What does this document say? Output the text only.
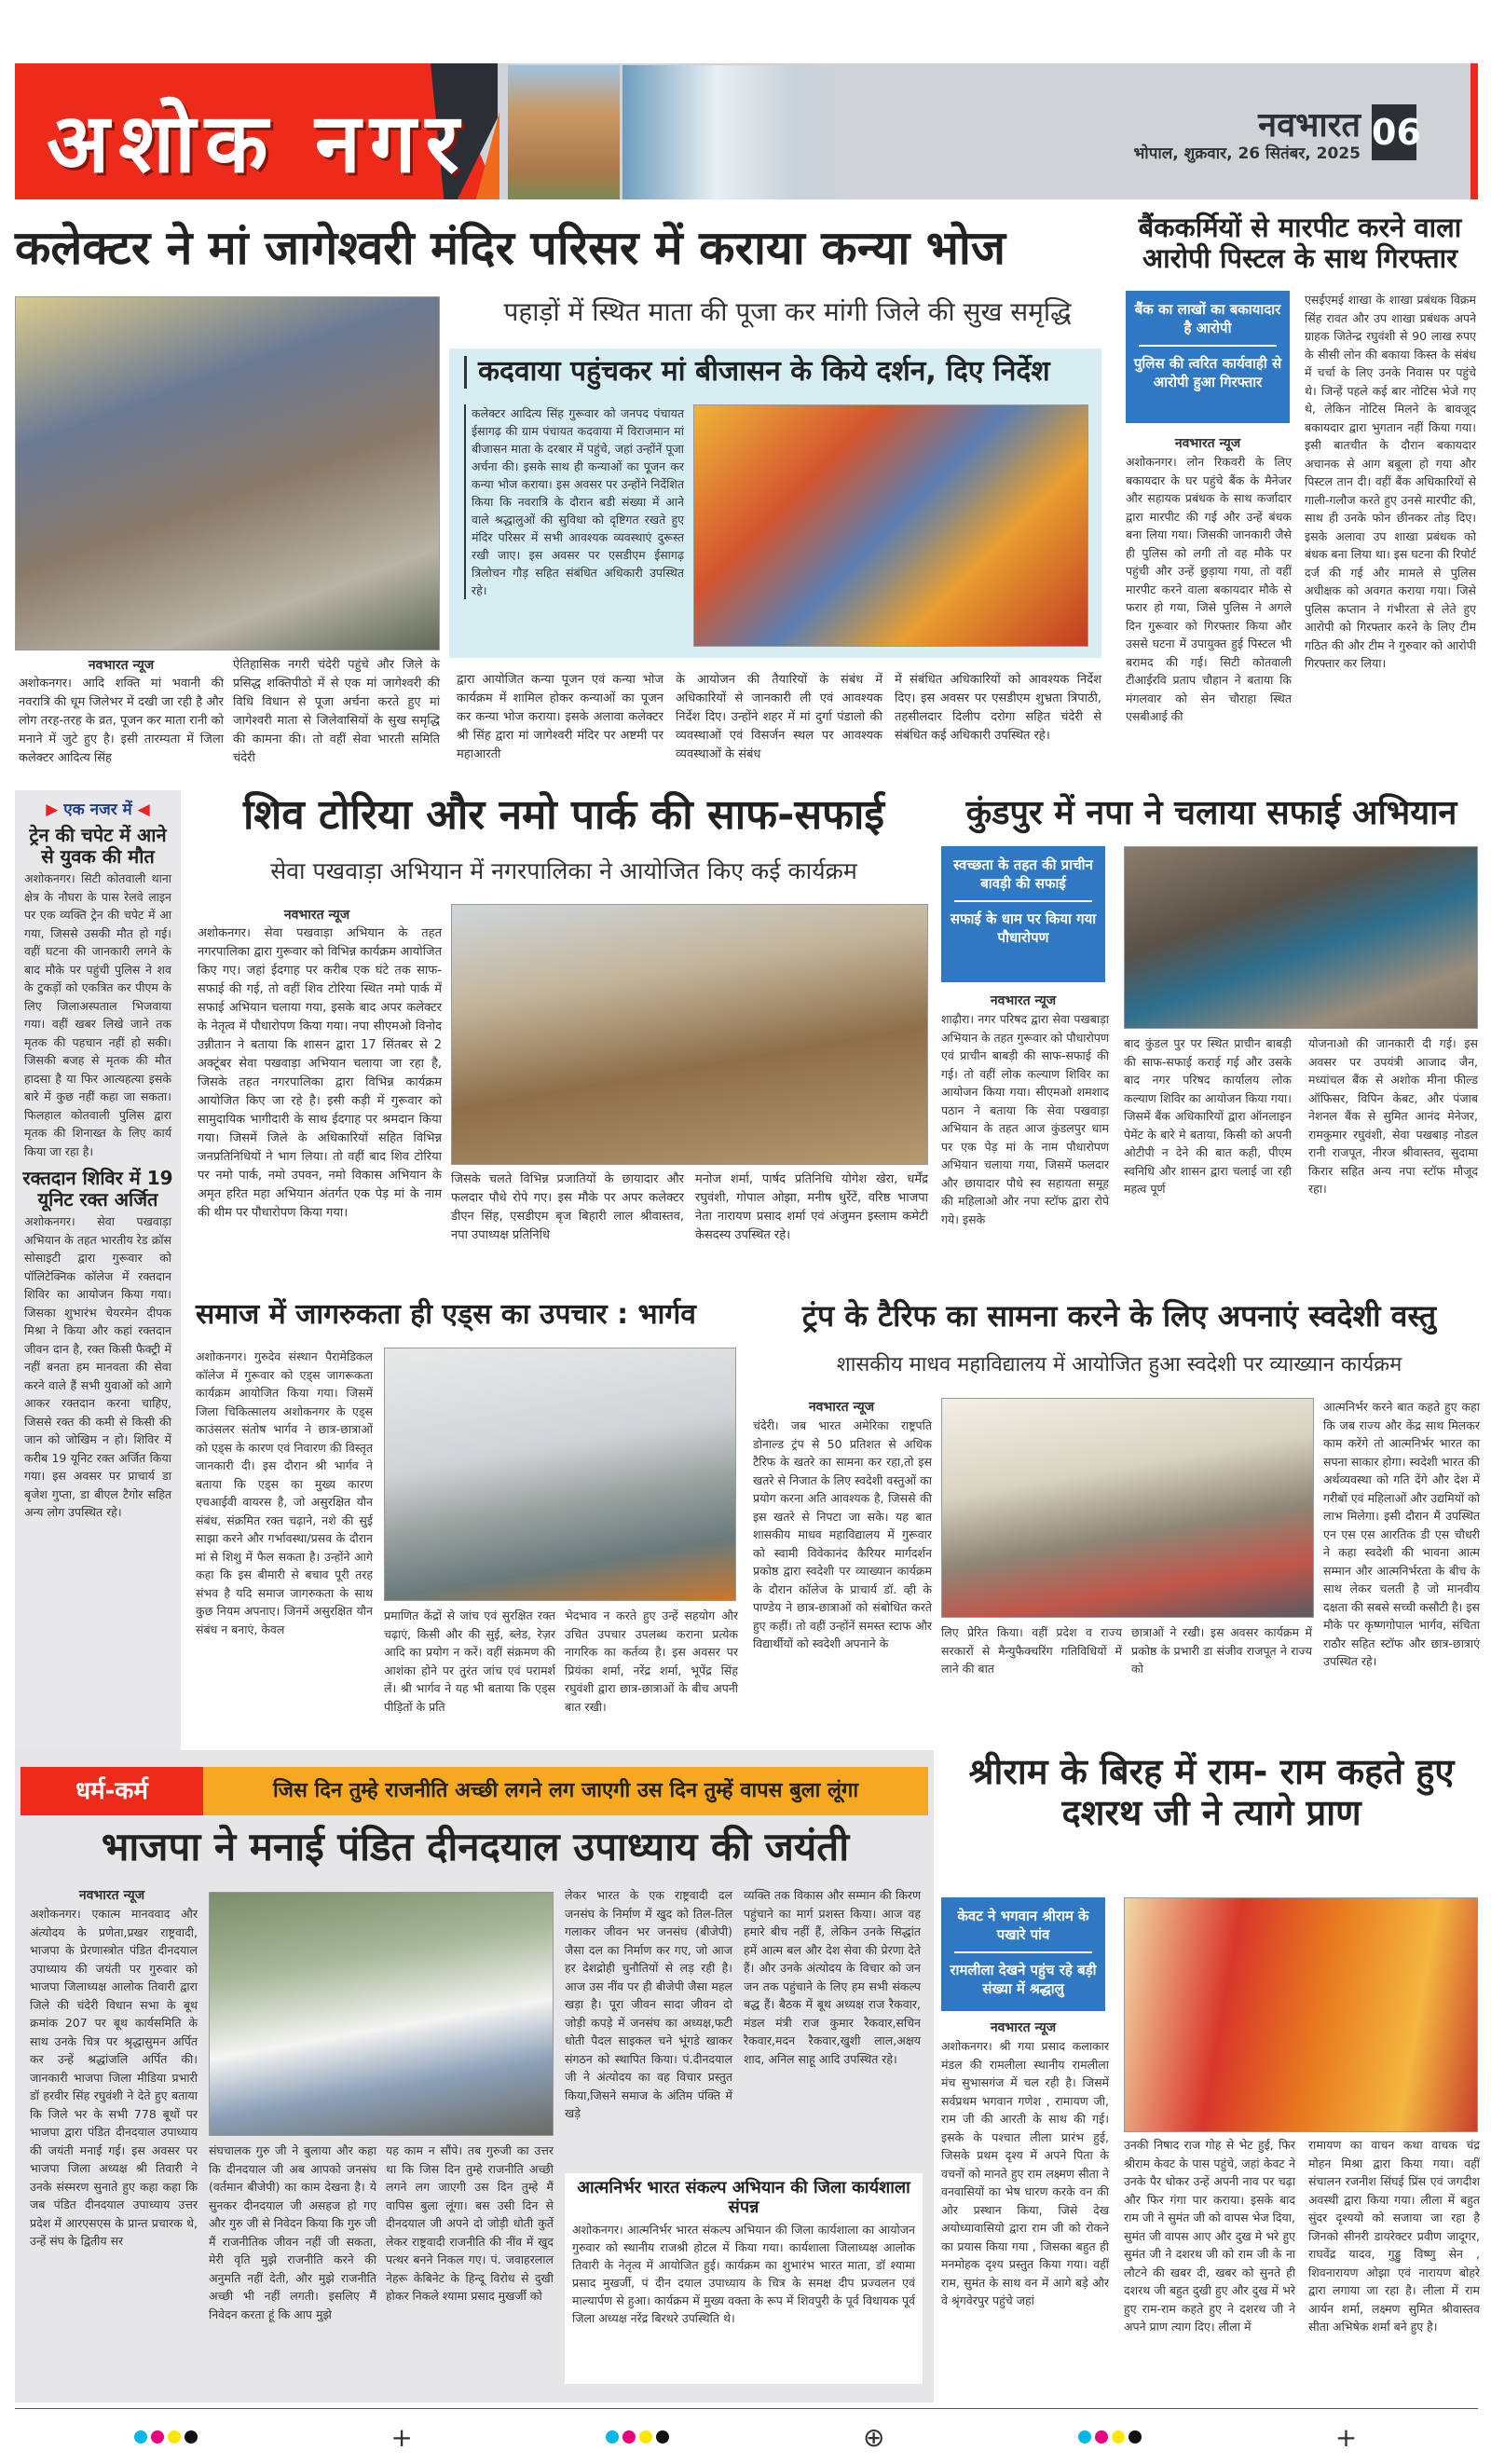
अशोक नगर	नवभारत
भोपाल, शुक्रवार, 26 सितंबर, 2025
06
कलेक्टर ने मां जागेश्वरी मंदिर परिसर में कराया कन्या भोज
पहाड़ों में स्थित माता की पूजा कर मांगी जिले की सुख समृद्धि
कदवाया पहुंचकर मां बीजासन के किये दर्शन, दिए निर्देश
कलेक्टर आदित्य सिंह गुरूवार को जनपद पंचायत ईसागढ़ की ग्राम पंचायत कदवाया में विराजमान मां बीजासन माता के दरबार में पहुंचे, जहां उन्होंनें पूजा अर्चना की। इसके साथ ही कन्याओं का पूजन कर कन्या भोज कराया। इस अवसर पर उन्होंने निर्देशित किया कि नवरात्रि के दौरान बडी संख्या में आने वाले श्रद्धालुओं की सुविधा को दृष्टिगत रखते हुए मंदिर परिसर में सभी आवश्यक व्यवस्थाएं दुरूस्त रखी जाए। इस अवसर पर एसडीएम ईसागढ़ त्रिलोचन गौड़ सहित संबंधित अधिकारी उपस्थित रहे।
नवभारत न्यूज
अशोकनगर। आदि शक्ति मां भवानी की नवरात्रि की धूम जिलेभर में दखी जा रही है और लोग तरह-तरह के व्रत, पूजन कर माता रानी को मनाने में जुटे हुए है। इसी तारम्यता में जिला कलेक्टर आदित्य सिंह
ऐतिहासिक नगरी चंदेरी पहुंचे और जिले के प्रसिद्ध शक्तिपीठो में से एक मां जागेश्वरी की विधि विधान से पूजा अर्चना करते हुए मां जागेश्वरी माता से जिलेवासियों के सुख समृद्धि की कामना की। तो वहीं सेवा भारती समिति चंदेरी
द्वारा आयोजित कन्या पूजन एवं कन्या भोज कार्यक्रम में शामिल होकर कन्याओं का पूजन कर कन्या भोज कराया। इसके अलावा कलेक्टर श्री सिंह द्वारा मां जागेश्वरी मंदिर पर अष्टमी पर महाआरती
के आयोजन की तैयारियों के संबंध में अधिकारियों से जानकारी ली एवं आवश्यक निर्देश दिए। उन्होंने शहर में मां दुर्गा पंडालो की व्यवस्थाओं एवं विसर्जन स्थल पर आवश्यक व्यवस्थाओं के संबंध
में संबंधित अधिकारियों को आवश्यक निर्देश दिए। इस अवसर पर एसडीएम शुभ्रता त्रिपाठी, तहसीलदार दिलीप दरोगा सहित चंदेरी से संबंधित कई अधिकारी उपस्थित रहे।
बैंककर्मियों से मारपीट करने वाला आरोपी पिस्टल के साथ गिरफ्तार
बैंक का लाखों का बकायादार है आरोपी
पुलिस की त्वरित कार्यवाही से आरोपी हुआ गिरफ्तार
नवभारत न्यूज
अशोकनगर। लोन रिकवरी के लिए बकायदार के घर पहुंचे बैंक के मैनेजर और सहायक प्रबंधक के साथ कर्जादार द्वारा मारपीट की गई और उन्हें बंधक बना लिया गया। जिसकी जानकारी जैसे ही पुलिस को लगी तो वह मौके पर पहुंची और उन्हें छुड़ाया गया, तो वहीं मारपीट करने वाला बकायदार मौके से फरार हो गया, जिसे पुलिस ने अगले दिन गुरूवार को गिरफ्तार किया और उससे घटना में उपायुक्त हुई पिस्टल भी बरामद की गई। सिटी कोतवाली टीआईरवि प्रताप चौहान ने बताया कि मंगलवार को सेन चौराहा स्थित एसबीआई की
एसईएमई शाखा के शाखा प्रबंधक विक्रम सिंह रावत और उप शाखा प्रबंधक अपने ग्राहक जितेन्द्र रघुवंशी से 90 लाख रुपए के सीसी लोन की बकाया किस्त के संबंध में चर्चा के लिए उनके निवास पर पहुंचे थे। जिन्हें पहले कई बार नोटिस भेजे गए थे, लेकिन नोटिस मिलने के बावजूद बकायदार द्वारा भुगतान नहीं किया गया। इसी बातचीत के दौरान बकायदार अचानक से आग बबूला हो गया और पिस्टल तान दी। वहीं बैंक अधिकारियों से गाली-गलौज करते हुए उनसे मारपीट की, साथ ही उनके फोन छीनकर तोड़ दिए। इसके अलावा उप शाखा प्रबंधक को बंधक बना लिया था। इस घटना की रिपोर्ट दर्ज की गई और मामले से पुलिस अधीक्षक को अवगत कराया गया। जिसे पुलिस कप्तान ने गंभीरता से लेते हुए आरोपी को गिरफ्तार करने के लिए टीम गठित की और टीम ने गुरुवार को आरोपी गिरफ्तार कर लिया।
▶ एक नजर में ◀
ट्रेन की चपेट में आने से युवक की मौत
अशोकनगर। सिटी कोतवाली थाना क्षेत्र के नौघरा के पास रेलवे लाइन पर एक व्यक्ति ट्रेन की चपेट में आ गया, जिससे उसकी मौत हो गई। वहीं घटना की जानकारी लगने के बाद मौके पर पहुंची पुलिस ने शव के टुकड़ों को एकत्रित कर पीएम के लिए जिलाअस्पताल भिजवाया गया। वहीं खबर लिखे जाने तक मृतक की पहचान नहीं हो सकी। जिसकी बजह से मृतक की मौत हादसा है या फिर आत्यहत्या इसके बारे में कुछ नहीं कहा जा सकता। फिलहाल कोतवाली पुलिस द्वारा मृतक की शिनाख्त के लिए कार्य किया जा रहा है।
रक्तदान शिविर में 19 यूनिट रक्त अर्जित
अशोकनगर। सेवा पखवाड़ा अभियान के तहत भारतीय रेड क्रॉस सोसाइटी द्वारा गुरूवार को पॉलिटेक्निक कॉलेज में रक्तदान शिविर का आयोजन किया गया। जिसका शुभारंभ चेयरमेन दीपक मिश्रा ने किया और कहां रक्तदान जीवन दान है, रक्त किसी फैक्ट्री में नहीं बनता हम मानवता की सेवा करने वाले हैं सभी युवाओं को आगे आकर रक्तदान करना चाहिए, जिससे रक्त की कमी से किसी की जान को जोखिम न हो। शिविर में करीब 19 यूनिट रक्त अर्जित किया गया। इस अवसर पर प्राचार्य डा बृजेश गुप्ता, डा बीएल टैगोर सहित अन्य लोग उपस्थित रहे।
शिव टोरिया और नमो पार्क की साफ-सफाई
सेवा पखवाड़ा अभियान में नगरपालिका ने आयोजित किए कई कार्यक्रम
नवभारत न्यूज
अशोकनगर। सेवा पखवाड़ा अभियान के तहत नगरपालिका द्वारा गुरूवार को विभिन्न कार्यक्रम आयोजित किए गए। जहां ईदगाह पर करीब एक घंटे तक साफ-सफाई की गई, तो वहीं शिव टोरिया स्थित नमो पार्क में सफाई अभियान चलाया गया, इसके बाद अपर कलेक्टर के नेतृत्व में पौधारोपण किया गया। नपा सीएमओ विनोद उन्नीतान ने बताया कि शासन द्वारा 17 सिंतबर से 2 अक्टूंबर सेवा पखवाड़ा अभियान चलाया जा रहा है, जिसके तहत नगरपालिका द्वारा विभिन्न कार्यक्रम आयोजित किए जा रहे है। इसी कड़ी में गुरूवार को सामुदायिक भागीदारी के साथ ईदगाह पर श्रमदान किया गया। जिसमें जिले के अधिकारियों सहित विभिन्न जनप्रतिनिधियों ने भाग लिया। तो वहीं बाद शिव टोरिया पर नमो पार्क, नमो उपवन, नमो विकास अभियान के अमृत हरित महा अभियान अंतर्गत एक पेड़ मां के नाम की थीम पर पौधारोपण किया गया।
जिसके चलते विभिन्न प्रजातियों के छायादार और फलदार पौधे रोपे गए। इस मौके पर अपर कलेक्टर डीएन सिंह, एसडीएम बृज बिहारी लाल श्रीवास्तव, नपा उपाध्यक्ष प्रतिनिधि
मनोज शर्मा, पार्षद प्रतिनिधि योगेश खेरा, धर्मेंद्र रघुवंशी, गोपाल ओझा, मनीष धुर्रेटें, वरिष्ठ भाजपा नेता नारायण प्रसाद शर्मा एवं अंजुमन इस्लाम कमेटी केसदस्य उपस्थित रहे।
कुंडपुर में नपा ने चलाया सफाई अभियान
स्वच्छता के तहत की प्राचीन बावड़ी की सफाई
सफाई के धाम पर किया गया पौधारोपण
नवभारत न्यूज
शाढ़ौरा। नगर परिषद द्वारा सेवा पखबाड़ा अभियान के तहत गुरूवार को पौधारोपण एवं प्राचीन बाबड़ी की साफ-सफाई की गई। तो वहीं लोक कल्याण शिविर का आयोजन किया गया। सीएमओ शमशाद पठान ने बताया कि सेवा पखवाड़ा अभियान के तहत आज कुंडलपुर धाम पर एक पेड़ मां के नाम पौधारोपण अभियान चलाया गया, जिसमें फलदार और छायादार पौधे स्व सहायता समूह की महिलाओ और नपा स्टॉफ द्वारा रोपे गये। इसके
बाद कुंडल पुर पर स्थित प्राचीन बाबड़ी की साफ-सफाई कराई गई और उसके बाद नगर परिषद कार्यालय लोक कल्याण शिविर का आयोजन किया गया। जिसमें बैंक अधिकारियों द्वारा ऑनलाइन पेमेंट के बारे मे बताया, किसी को अपनी ओटीपी न देने की बात कही, पीएम स्वनिधि और शासन द्वारा चलाई जा रही महत्व पूर्ण
योजनाओ की जानकारी दी गई। इस अवसर पर उपयंत्री आजाद जैन, मध्यांचल बैंक से अशोक मीना फील्ड ऑफिसर, विपिन केबट, और पंजाब नेशनल बैंक से सुमित आनंद मेनेजर, रामकुमार रघुवंशी, सेवा पखबाड़ नोडल रानी राजपूत, नीरज श्रीवास्तव, सुदामा किरार सहित अन्य नपा स्टॉफ मौजूद रहा।
समाज में जागरुकता ही एड्स का उपचार : भार्गव
अशोकनगर। गुरुदेव संस्थान पैरामेडिकल कॉलेज में गुरूवार को एड्स जागरूकता कार्यक्रम आयोजित किया गया। जिसमें जिला चिकित्सालय अशोकनगर के एड्स काउंसलर संतोष भार्गव ने छात्र-छात्राओं को एड्स के कारण एवं निवारण की विस्तृत जानकारी दी। इस दौरान श्री भार्गव ने बताया कि एड्स का मुख्य कारण एचआईवी वायरस है, जो असुरक्षित यौन संबंध, संक्रमित रक्त चढ़ाने, नशे की सुई साझा करने और गर्भावस्था/प्रसव के दौरान मां से शिशु में फैल सकता है। उन्होंने आगे कहा कि इस बीमारी से बचाव पूरी तरह संभव है यदि समाज जागरुकता के साथ कुछ नियम अपनाए। जिनमें असुरक्षित यौन संबंध न बनाएं, केवल
प्रमाणित केंद्रों से जांच एवं सुरक्षित रक्त चढ़ाएं, किसी और की सुई, ब्लेड, रेज़र आदि का प्रयोग न करें। वहीं संक्रमण की आशंका होने पर तुरंत जांच एवं परामर्श लें। श्री भार्गव ने यह भी बताया कि एड्स पीड़ितों के प्रति
भेदभाव न करते हुए उन्हें सहयोग और उचित उपचार उपलब्ध कराना प्रत्येक नागरिक का कर्तव्य है। इस अवसर पर प्रियंका शर्मा, नरेंद्र शर्मा, भूपेंद्र सिंह रघुवंशी द्वारा छात्र-छात्राओं के बीच अपनी बात रखी।
ट्रंप के टैरिफ का सामना करने के लिए अपनाएं स्वदेशी वस्तु
शासकीय माधव महाविद्यालय में आयोजित हुआ स्वदेशी पर व्याख्यान कार्यक्रम
नवभारत न्यूज
चंदेरी। जब भारत अमेरिका राष्ट्रपति डोनाल्ड ट्रंप से 50 प्रतिशत से अधिक टैरिफ के खतरे का सामना कर रहा,तो इस खतरे से निजात के लिए स्वदेशी वस्तुओं का प्रयोग करना अति आवश्यक है, जिससे की इस खतरे से निपटा जा सके। यह बात शासकीय माधव महाविद्यालय में गुरूवार को स्वामी विवेकानंद कैरियर मार्गदर्शन प्रकोष्ठ द्वारा स्वदेशी पर व्याख्यान कार्यक्रम के दौरान कॉलेज के प्राचार्य डॉ. व्ही के पाण्डेय ने छात्र-छात्राओं को संबोधित करते हुए कहीं। तो वहीं उन्होंनें समस्त स्टाफ और विद्यार्थीयों को स्वदेशी अपनाने के
लिए प्रेरित किया। वहीं प्रदेश व राज्य सरकारों से मैन्युफैक्चरिंग गतिविधियों में लाने की बात
छात्राओं ने रखी। इस अवसर कार्यक्रम में प्रकोष्ठ के प्रभारी डा संजीव राजपूत ने राज्य को
आत्मनिर्भर करने बात कहते हुए कहा कि जब राज्य और केंद्र साथ मिलकर काम करेंगे तो आत्मनिर्भर भारत का सपना साकार होगा। स्वदेशी भारत की अर्थव्यवस्था को गति देंगे और देश में गरीबों एवं महिलाओं और उद्यमियों को लाभ मिलेगा। इसी दौरान मैं उपस्थित एन एस एस आरतिक डी एस चौधरी ने कहा स्वदेशी की भावना आत्म सम्मान और आत्मनिर्भरता के बीच के साथ लेकर चलती है जो मानवीय दक्षता की सबसे सच्ची कसौटी है। इस मौके पर कृष्णगोपाल भार्गव, संचिता राठौर सहित स्टॉफ और छात्र-छात्राएं उपस्थित रहे।
धर्म-कर्म	जिस दिन तुम्हे राजनीति अच्छी लगने लग जाएगी उस दिन तुम्हें वापस बुला लूंगा
भाजपा ने मनाई पंडित दीनदयाल उपाध्याय की जयंती
नवभारत न्यूज
अशोकनगर। एकात्म मानववाद और अंत्योदय के प्रणेता,प्रखर राष्ट्रवादी, भाजपा के प्रेरणास्त्रोत पंडित दीनदयाल उपाध्याय की जयंती पर गुरुवार को भाजपा जिलाध्यक्ष आलोक तिवारी द्वारा जिले की चंदेरी विधान सभा के बूथ क्रमांक 207 पर बूथ कार्यसमिति के साथ उनके चित्र पर श्रृद्धासुमन अर्पित कर उन्हें श्रद्धांजलि अर्पित की। जानकारी भाजपा जिला मीडिया प्रभारी डॉ हरवीर सिंह रघुवंशी ने देते हुए बताया कि जिले भर के सभी 778 बूथों पर भाजपा द्वारा पंडित दीनदयाल उपाध्याय की जयंती मनाई गई। इस अवसर पर भाजपा जिला अध्यक्ष श्री तिवारी ने उनके संस्मरण सुनाते हुए कहा कहा कि जब पंडित दीनदयाल उपाध्याय उत्तर प्रदेश में आरएसएस के प्रान्त प्रचारक थे, उन्हें संघ के द्वितीय सर
संघचालक गुरु जी ने बुलाया और कहा कि दीनदयाल जी अब आपको जनसंघ (वर्तमान बीजेपी) का काम देखना है। ये सुनकर दीनदयाल जी असहज हो गए और गुरु जी से निवेदन किया कि गुरु जी मैं राजनीतिक जीवन नहीं जी सकता, मेरी वृति मुझे राजनीति करने की अनुमति नहीं देती, और मुझे राजनीति अच्छी भी नहीं लगती। इसलिए मैं निवेदन करता हूं कि आप मुझे
यह काम न सौंपे। तब गुरुजी का उत्तर था कि जिस दिन तुम्हे राजनीति अच्छी लगने लग जाएगी उस दिन तुम्हे मैं वापिस बुला लूंगा। बस उसी दिन से दीनदयाल जी अपने दो जोड़ी धोती कुर्ते लेकर राष्ट्रवादी राजनीति की नींव में खुद पत्थर बनने निकल गए। पं. जवाहरलाल नेहरू केबिनेट के हिन्दू विरोध से दुखी होकर निकले श्यामा प्रसाद मुखर्जी को
लेकर भारत के एक राष्ट्रवादी दल जनसंघ के निर्माण में खुद को तिल-तिल गलाकर जीवन भर जनसंघ (बीजेपी) जैसा दल का निर्माण कर गए, जो आज हर देशद्रोही चुनौतियों से लड़ रही है। आज उस नींव पर ही बीजेपी जैसा महल खड़ा है। पूरा जीवन सादा जीवन दो जोड़ी कपड़े में जनसंघ का अध्यक्ष,फटी धोती पैदल साइकल चने भूंगडे खाकर संगठन को स्थापित किया। पं.दीनदयाल जी ने अंत्योदय का वह विचार प्रस्तुत किया,जिसने समाज के अंतिम पंक्ति में खड़े
व्यक्ति तक विकास और सम्मान की किरण पहुंचाने का मार्ग प्रशस्त किया। आज वह हमारे बीच नहीं हैं, लेकिन उनके सिद्धांत हमें आत्म बल और देश सेवा की प्रेरणा देते हैं। और उनके अंत्योदय के विचार को जन जन तक पहुंचाने के लिए हम सभी संकल्प बद्ध हैं। बैठक में बूथ अध्यक्ष राज रैकवार, मंडल मंत्री राज कुमार रैकवार,सचिन रैकवार,मदन रैकवार,खुशी लाल,अक्षय शाद, अनिल साहू आदि उपस्थित रहे।
आत्मनिर्भर भारत संकल्प अभियान की जिला कार्यशाला संपन्न
अशोकनगर। आत्मनिर्भर भारत संकल्प अभियान की जिला कार्यशाला का आयोजन गुरुवार को स्थानीय राजश्री होटल में किया गया। कार्यशाला जिलाध्यक्ष आलोक तिवारी के नेतृत्व में आयोजित हुई। कार्यक्रम का शुभारंभ भारत माता, डॉ श्यामा प्रसाद मुखर्जी, पं दीन दयाल उपाध्याय के चित्र के समक्ष दीप प्रज्वलन एवं माल्यार्पण से हुआ। कार्यक्रम में मुख्य वक्ता के रूप में शिवपुरी के पूर्व विधायक पूर्व जिला अध्यक्ष नरेंद्र बिरथरे उपस्थिति थे।
श्रीराम के बिरह में राम- राम कहते हुए दशरथ जी ने त्यागे प्राण
केवट ने भगवान श्रीराम के पखारे पांव
रामलीला देखने पहुंच रहे बड़ी संख्या में श्रद्धालु
नवभारत न्यूज
अशोकनगर। श्री गया प्रसाद कलाकार मंडल की रामलीला स्थानीय रामलीला मंच सुभासगंज में चल रही है। जिसमें सर्वप्रथम भगवान गणेश , रामायण जी, राम जी की आरती के साथ की गई। इसके के पश्चात लीला प्रारंभ हुई, जिसके प्रथम दृश्य में अपने पिता के वचनों को मानते हुए राम लक्ष्मण सीता ने वनवासियों का भेष धारण करके वन की ओर प्रस्थान किया, जिसे देख अयोध्यावासियो द्वारा राम जी को रोकने का प्रयास किया गया , जिसका बहुत ही मनमोहक दृश्य प्रस्तुत किया गया। वहीं राम, सुमंत के साथ वन में आगे बड़े और वे श्रृंगवेरपुर पहुंचे जहां
उनकी निषाद राज गोह से भेट हुई, फिर श्रीराम केवट के पास पहुंचे, जहां केवट ने उनके पैर धोकर उन्हें अपनी नाव पर चढ़ा और फिर गंगा पार कराया। इसके बाद राम जी ने सुमंत जी को वापस भेज दिया, सुमंत जी वापस आए और दुख मे भरे हुए सुमंत जी ने दशरथ जी को राम जी के ना लौटने की खबर दी, खबर को सुनते ही दशरथ जी बहुत दुखी हुए और दुख में भरे हुए राम-राम कहते हुए ने दशरथ जी ने अपने प्राण त्याग दिए। लीला में
रामायण का वाचन कथा वाचक चंद्र मोहन मिश्रा द्वारा किया गया। वहीं संचालन रजनीश सिंघई प्रिंस एवं जगदीश अवस्थी द्वारा किया गया। लीला में बहुत सुंदर दृश्ययो को सजाया जा रहा है जिनको सीनरी डायरेक्टर प्रवीण जादूगर, राघवेंद्र यादव, गुड्डु विष्णु सेन , शिवनारायण ओझा एवं नारायण बोहरे द्वारा लगाया जा रहा है। लीला में राम आर्यन शर्मा, लक्ष्मण सुमित श्रीवास्तव सीता अभिषेक शर्मा बने हुए है।
+	⊕	+
